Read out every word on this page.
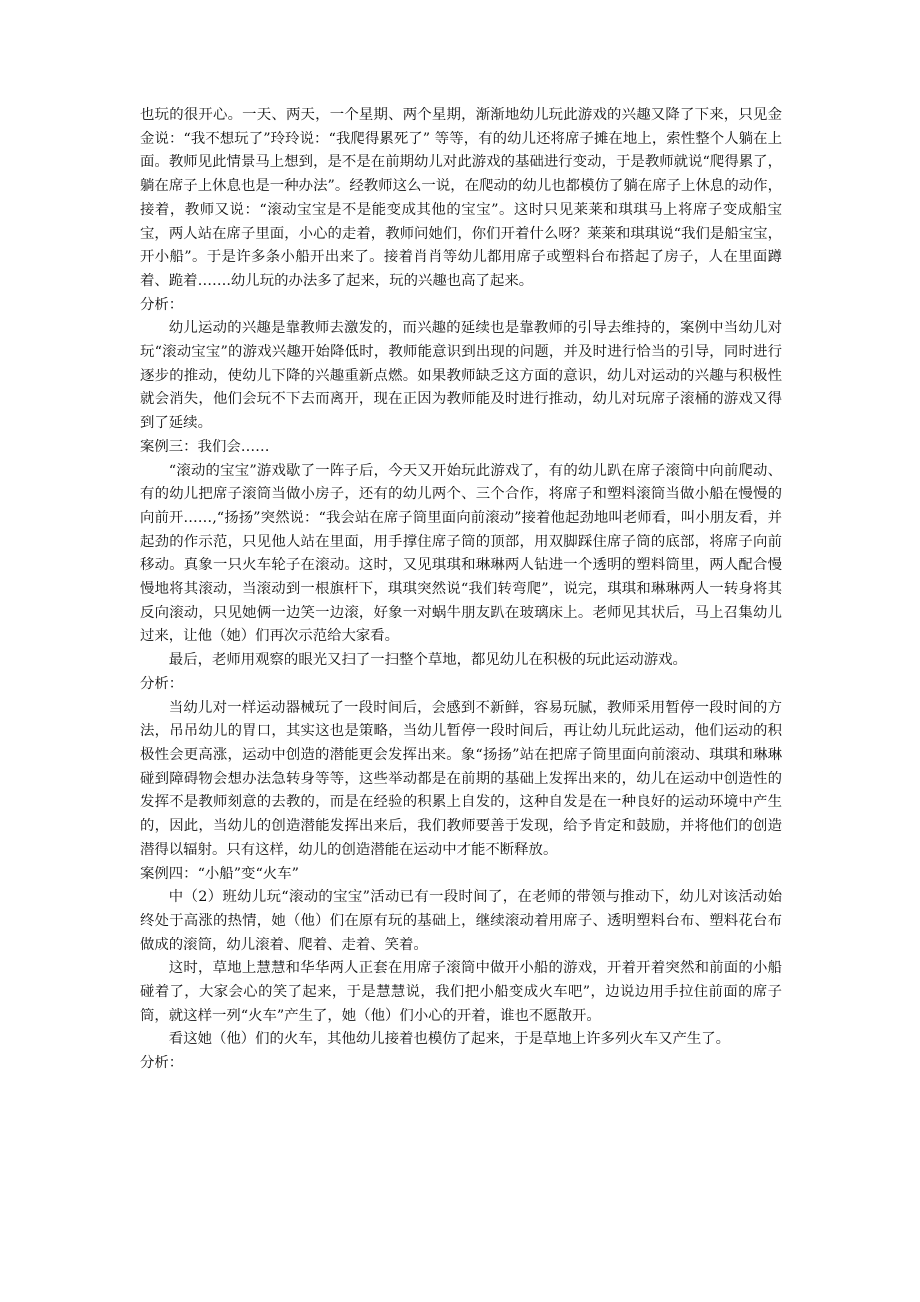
也玩的很开心。一天、两天，一个星期、两个星期，渐渐地幼儿玩此游戏的兴趣又降了下来，只见金金说：“我不想玩了”玲玲说：“我爬得累死了” 等等，有的幼儿还将席子摊在地上，索性整个人躺在上面。教师见此情景马上想到，是不是在前期幼儿对此游戏的基础进行变动，于是教师就说“爬得累了，躺在席子上休息也是一种办法”。经教师这么一说，在爬动的幼儿也都模仿了躺在席子上休息的动作，接着，教师又说：“滚动宝宝是不是能变成其他的宝宝”。这时只见莱莱和琪琪马上将席子变成船宝宝，两人站在席子里面，小心的走着，教师问她们，你们开着什么呀？莱莱和琪琪说“我们是船宝宝，开小船”。于是许多条小船开出来了。接着肖肖等幼儿都用席子或塑料台布搭起了房子，人在里面蹲着、跪着…….幼儿玩的办法多了起来，玩的兴趣也高了起来。

分析：

幼儿运动的兴趣是靠教师去激发的，而兴趣的延续也是靠教师的引导去维持的，案例中当幼儿对玩“滚动宝宝”的游戏兴趣开始降低时，教师能意识到出现的问题，并及时进行恰当的引导，同时进行逐步的推动，使幼儿下降的兴趣重新点燃。如果教师缺乏这方面的意识，幼儿对运动的兴趣与积极性就会消失，他们会玩不下去而离开，现在正因为教师能及时进行推动，幼儿对玩席子滚桶的游戏又得到了延续。

案例三：我们会……

“滚动的宝宝”游戏歇了一阵子后，今天又开始玩此游戏了，有的幼儿趴在席子滚筒中向前爬动、有的幼儿把席子滚筒当做小房子，还有的幼儿两个、三个合作，将席子和塑料滚筒当做小船在慢慢的向前开……,“扬扬”突然说：“我会站在席子筒里面向前滚动”接着他起劲地叫老师看，叫小朋友看，并起劲的作示范，只见他人站在里面，用手撑住席子筒的顶部，用双脚踩住席子筒的底部，将席子向前移动。真象一只火车轮子在滚动。这时，又见琪琪和琳琳两人钻进一个透明的塑料筒里，两人配合慢慢地将其滚动，当滚动到一根旗杆下，琪琪突然说“我们转弯爬”，说完，琪琪和琳琳两人一转身将其反向滚动，只见她俩一边笑一边滚，好象一对蜗牛朋友趴在玻璃床上。老师见其状后，马上召集幼儿过来，让他（她）们再次示范给大家看。

最后，老师用观察的眼光又扫了一扫整个草地，都见幼儿在积极的玩此运动游戏。

分析：

当幼儿对一样运动器械玩了一段时间后，会感到不新鲜，容易玩腻，教师采用暂停一段时间的方法，吊吊幼儿的胃口，其实这也是策略，当幼儿暂停一段时间后，再让幼儿玩此运动，他们运动的积极性会更高涨，运动中创造的潜能更会发挥出来。象“扬扬”站在把席子筒里面向前滚动、琪琪和琳琳碰到障碍物会想办法急转身等等，这些举动都是在前期的基础上发挥出来的，幼儿在运动中创造性的发挥不是教师刻意的去教的，而是在经验的积累上自发的，这种自发是在一种良好的运动环境中产生的，因此，当幼儿的创造潜能发挥出来后，我们教师要善于发现，给予肯定和鼓励，并将他们的创造潜得以辐射。只有这样，幼儿的创造潜能在运动中才能不断释放。

案例四：“小船”变“火车”

中（2）班幼儿玩“滚动的宝宝”活动已有一段时间了，在老师的带领与推动下，幼儿对该活动始终处于高涨的热情，她（他）们在原有玩的基础上，继续滚动着用席子、透明塑料台布、塑料花台布做成的滚筒，幼儿滚着、爬着、走着、笑着。

这时，草地上慧慧和华华两人正套在用席子滚筒中做开小船的游戏，开着开着突然和前面的小船碰着了，大家会心的笑了起来，于是慧慧说，我们把小船变成火车吧”，边说边用手拉住前面的席子筒，就这样一列“火车”产生了，她（他）们小心的开着，谁也不愿散开。

看这她（他）们的火车，其他幼儿接着也模仿了起来，于是草地上许多列火车又产生了。

分析：
